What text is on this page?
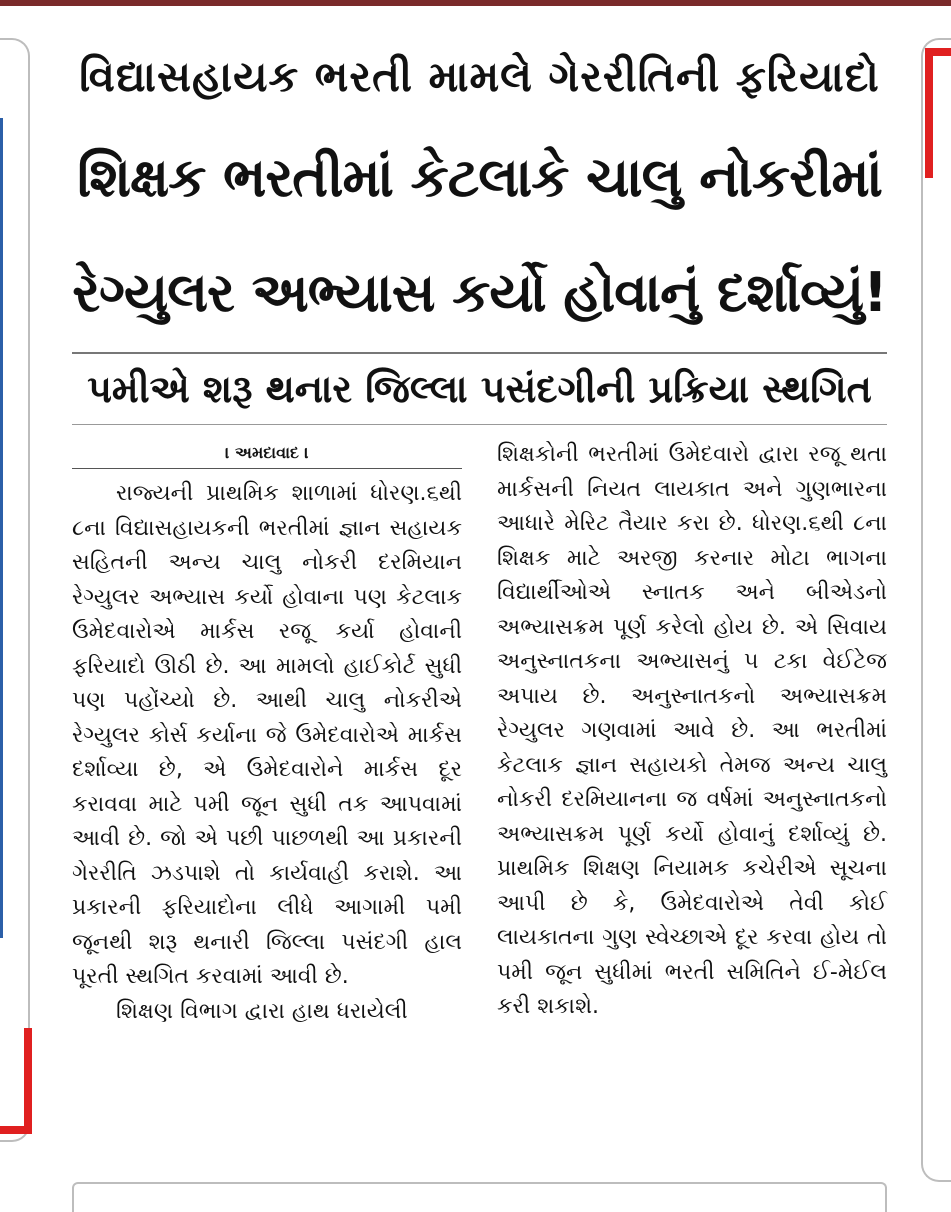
વિદ્યાસહાયક ભરતી મામલે ગેરરીતિની ફરિયાદો
શિક્ષક ભરતીમાં કેટલાકે ચાલુ નોકરીમાં
રેગ્યુલર અભ્યાસ કર્યો હોવાનું દર્શાવ્યું!
પમીએ શરૂ થનાર જિલ્લા પસંદગીની પ્રક્રિયા સ્થગિત
। અમદાવાદ ।

રાજ્યની પ્રાથમિક શાળામાં ધોરણ.૬થી ૮ના વિદ્યાસહાયકની ભરતીમાં જ્ઞાન સહાયક સહિતની અન્ય ચાલુ નોકરી દરમિયાન રેગ્યુલર અભ્યાસ કર્યો હોવાના પણ કેટલાક ઉમેદવારોએ માર્કસ રજૂ કર્યા હોવાની ફરિયાદો ઊઠી છે. આ મામલો હાઈકોર્ટ સુધી પણ પહોંચ્યો છે. આથી ચાલુ નોકરીએ રેગ્યુલર કોર્સ કર્યાના જે ઉમેદવારોએ માર્કસ દર્શાવ્યા છે, એ ઉમેદવારોને માર્કસ દૂર કરાવવા માટે પમી જૂન સુધી તક આપવામાં આવી છે. જો એ પછી પાછળથી આ પ્રકારની ગેરરીતિ ઝડપાશે તો કાર્યવાહી કરાશે. આ પ્રકારની ફરિયાદોના લીધે આગામી પમી જૂનથી શરૂ થનારી જિલ્લા પસંદગી હાલ પૂરતી સ્થગિત કરવામાં આવી છે.

શિક્ષણ વિભાગ દ્વારા હાથ ધરાયેલી

શિક્ષકોની ભરતીમાં ઉમેદવારો દ્વારા રજૂ થતા માર્કસની નિયત લાયકાત અને ગુણભારના આધારે મેરિટ તૈયાર કરા છે. ધોરણ.૬થી ૮ના શિક્ષક માટે અરજી કરનાર મોટા ભાગના વિદ્યાર્થીઓએ સ્નાતક અને બીએડનો અભ્યાસક્રમ પૂર્ણ કરેલો હોય છે. એ સિવાય અનુસ્નાતકના અભ્યાસનું ૫ ટકા વેઈટેજ અપાય છે. અનુસ્નાતકનો અભ્યાસક્રમ રેગ્યુલર ગણવામાં આવે છે. આ ભરતીમાં કેટલાક જ્ઞાન સહાયકો તેમજ અન્ય ચાલુ નોકરી દરમિયાનના જ વર્ષમાં અનુસ્નાતકનો અભ્યાસક્રમ પૂર્ણ કર્યો હોવાનું દર્શાવ્યું છે. પ્રાથમિક શિક્ષણ નિયામક કચેરીએ સૂચના આપી છે કે, ઉમેદવારોએ તેવી કોઈ લાયકાતના ગુણ સ્વેચ્છાએ દૂર કરવા હોય તો પમી જૂન સુધીમાં ભરતી સમિતિને ઈ-મેઈલ કરી શકાશે.
